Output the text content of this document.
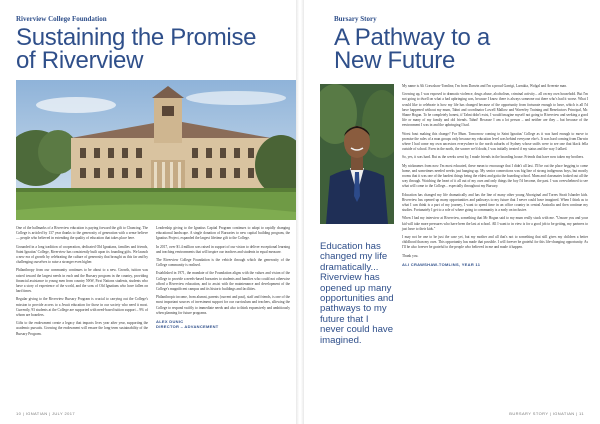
Riverview College Foundation
Sustaining the Promise
of Riverview

One of the hallmarks of a Riverview education is paying forward the gift to Chancing. The College is articled by 137 year thanks to the generosity of generation with a sense believe — people who believed in extending the quality of education that takes place here.

Grounded in a long tradition of cooperation, dedicated Old Ignatians, families and friends, Saint Ignatius' College, Riverview has consistently built upon its founding gifts. We launch a new era of growth by celebrating the culture of generosity that brought us this far and by challenging ourselves to raise a stronger even higher.

Philanthropy from our community continues to be about to a new. Growth, tuition was raised toward the largest needs in each and the Bursary program in the country, providing financial assistance to young men from country NSW, First Nations students, students who have a story of experience of the world, and the sons of Old Ignatians who have fallen on hard times.

Regular giving to the Riverview Bursary Program is crucial to carrying out the College's mission to provide access to a Jesuit education for those in our society who need it most. Currently, 93 students at the College are supported with need-based tuition support – 9% of whom are boarders.

Gifts to the endowment create a legacy that impacts lives year after year, supporting the academic pursuits. Growing the endowment will ensure the long-term sustainability of the Bursary Program.

Leadership giving to the Ignatius Capital Program continues to adapt to rapidly changing educational landscape. A single donation of Bursaries to new capital building program, the Ignatius Project, expanded the largest lifetime gift to the College.

In 2017, over $1.4 million was raised in support of our vision to deliver exceptional learning and teaching environments that will inspire our teachers and students in equal measure.

The Riverview College Foundation is the vehicle through which the generosity of the College community is realised.

Established in 1971, the mandate of the Foundation aligns with the values and vision of the College to provide a needs-based bursaries to students and families who could not otherwise afford a Riverview education, and to assist with the maintenance and development of the College's magnificent campus and its historic buildings and facilities.

Philanthropic income, from alumni, parents (current and past), staff and friends, is one of the most important sources of investment support for our curriculum and teachers, allowing the College to respond swiftly to immediate needs and also to think expansively and ambitiously when planning for future programs.

ALEX DUNIC
DIRECTOR – ADVANCEMENT
10 | IGNATIAN | JULY 2017
Bursary Story
A Pathway to a
New Future

Education has changed my life dramatically... Riverview has opened up many opportunities and pathways to my future that I never could have imagined.

My name is Ali Crawshaw-Tomlins; I'm from Darwin and I'm a proud Garrigi, Larrakia, Wolgal and Arrernte man.

Growing up, I was exposed to dramatic violence, drugs abuse, alcoholism, criminal activity... all on my own household. But I'm not going to dwell on what a bad upbringing was, because I know there is always someone out there who's had it worse. What I would like to celebrate is how my life has changed because of the opportunity from fortunate enough to have, which is all I'd have happened without my mum, Tahni and coordinator Lowell Mallow and Waverley Training and Benefactors Principal, Mr. Shane Hogan. To be completely honest, if Tahni didn't exist, I would imagine myself not going to Riverview and seeking a good life or many of my family and old friends. Tahni! Because I am a lot person – and neither are they – but because of the environment I was in and the upbringing I had.

Worst bout making this change? For Mum. Tomorrow coming to Saint Ignatius' College as it was hard enough to move to promise the rules of a man groups only because my education level was behind everyone else's. It was hard coming from Darwin where I had come my own ancestors everywhere to the north suburbs of Sydney whose sniffs were to see one that black fella outside of school. Even in the north, the sooner we'd doubt, I was initially treated if my status and the way I talked.

So, yes, it was hard. But as the weeks went by, I made friends in the boarding house. Friends that have now taken my brothers.

My nicknames from now I'm most educated, these mean to encourage that I didn't all last. I'll be out the place begging to come home, and sometimes needed weeks just hanging up. My senior connections was big line of strong indigenous boys, but mostly rooms that it was one of the hardest things being the eldest and gotta the boarding school. Mum and classmates looked out all the way through. Watching the heart of it all out of my own and only things the boy I'd become, the past. I was overwhelmed to see what will come to the College... especially throughout my Bursary.

Education has changed my life dramatically and has the line of many other young Aboriginal and Torres Strait Islander kids. Riverview has opened up many opportunities and pathways to my future that I never could have imagined. When I think as to what I can think is a part of my journey, I want to spend time in an office country in central Australia and then continue my studies. Fortunately I get to a role of where going to community is a early on inclusive.

When I had my interview at Riverview, something that Mr Hogan said to my mum really stuck with me. "Unsure you and your kid will take more pressures who have been the last at school. All I want to in view is for a good job to be getting, my partners to just have to their kids."

I may not be one to be just the case yet, but my mother and all that's not to something that still gives my children a better childhood than my own. This opportunity has made that possible. I will forever be grateful for this life-changing opportunity. As I'll be also forever be grateful to the people who believed in me and made it happen.

Thank you.

ALI CRAWSHAW-TOMLINS, YEAR 11
BURSARY STORY | IGNATIAN | 11
